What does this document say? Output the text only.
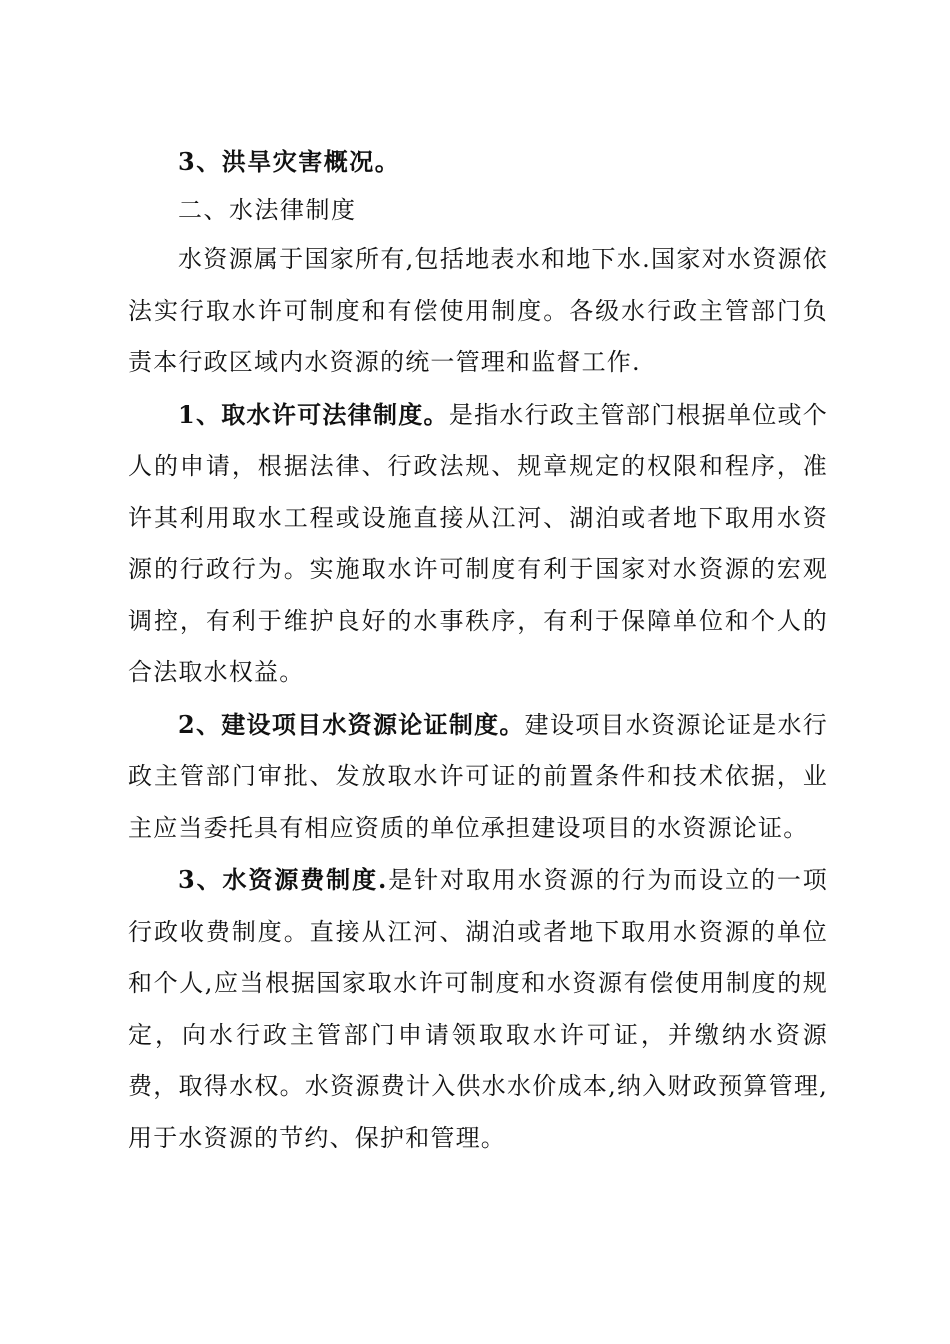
3、洪旱灾害概况。
二、水法律制度

水资源属于国家所有,包括地表水和地下水.国家对水资源依法实行取水许可制度和有偿使用制度。各级水行政主管部门负责本行政区域内水资源的统一管理和监督工作.

1、取水许可法律制度。是指水行政主管部门根据单位或个人的申请，根据法律、行政法规、规章规定的权限和程序，准许其利用取水工程或设施直接从江河、湖泊或者地下取用水资源的行政行为。实施取水许可制度有利于国家对水资源的宏观调控，有利于维护良好的水事秩序，有利于保障单位和个人的合法取水权益。

2、建设项目水资源论证制度。建设项目水资源论证是水行政主管部门审批、发放取水许可证的前置条件和技术依据，业主应当委托具有相应资质的单位承担建设项目的水资源论证。

3、水资源费制度.是针对取用水资源的行为而设立的一项行政收费制度。直接从江河、湖泊或者地下取用水资源的单位和个人,应当根据国家取水许可制度和水资源有偿使用制度的规定，向水行政主管部门申请领取取水许可证，并缴纳水资源费，取得水权。水资源费计入供水水价成本,纳入财政预算管理,用于水资源的节约、保护和管理。
